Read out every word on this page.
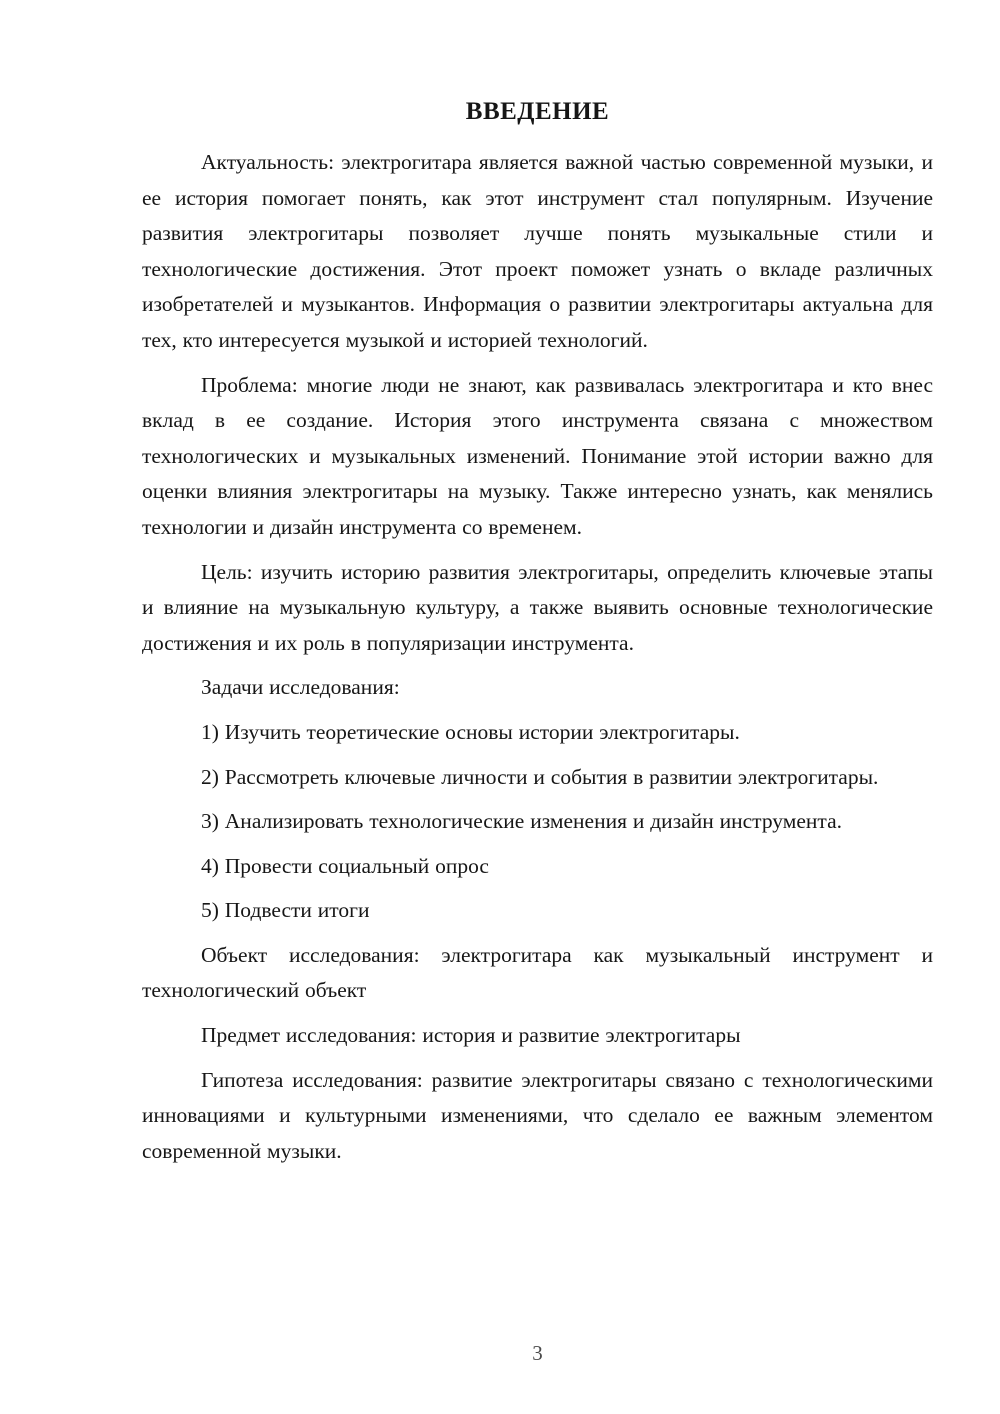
ВВЕДЕНИЕ

Актуальность: электрогитара является важной частью современной музыки, и ее история помогает понять, как этот инструмент стал популярным. Изучение развития электрогитары позволяет лучше понять музыкальные стили и технологические достижения. Этот проект поможет узнать о вкладе различных изобретателей и музыкантов. Информация о развитии электрогитары актуальна для тех, кто интересуется музыкой и историей технологий.

Проблема: многие люди не знают, как развивалась электрогитара и кто внес вклад в ее создание. История этого инструмента связана с множеством технологических и музыкальных изменений. Понимание этой истории важно для оценки влияния электрогитары на музыку. Также интересно узнать, как менялись технологии и дизайн инструмента со временем.

Цель: изучить историю развития электрогитары, определить ключевые этапы и влияние на музыкальную культуру, а также выявить основные технологические достижения и их роль в популяризации инструмента.

Задачи исследования:

1) Изучить теоретические основы истории электрогитары.

2) Рассмотреть ключевые личности и события в развитии электрогитары.

3) Анализировать технологические изменения и дизайн инструмента.

4) Провести социальный опрос

5) Подвести итоги

Объект исследования: электрогитара как музыкальный инструмент и технологический объект

Предмет исследования: история и развитие электрогитары

Гипотеза исследования: развитие электрогитары связано с технологическими инновациями и культурными изменениями, что сделало ее важным элементом современной музыки.

3
